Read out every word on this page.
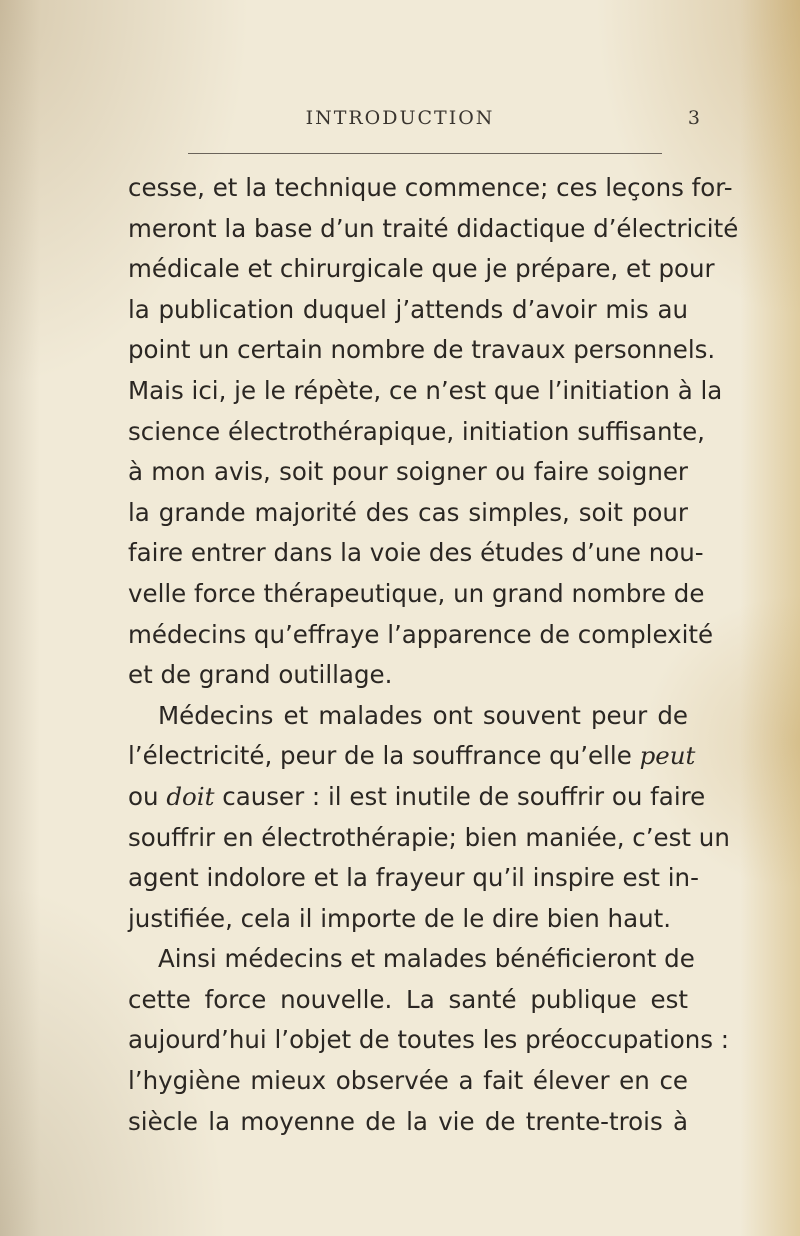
INTRODUCTION	3
cesse, et la technique commence; ces leçons for-
meront la base d’un traité didactique d’électricité
médicale et chirurgicale que je prépare, et pour
la publication duquel j’attends d’avoir mis au
point un certain nombre de travaux personnels.
Mais ici, je le répète, ce n’est que l’initiation à la
science électrothérapique, initiation suffisante,
à mon avis, soit pour soigner ou faire soigner
la grande majorité des cas simples, soit pour
faire entrer dans la voie des études d’une nou-
velle force thérapeutique, un grand nombre de
médecins qu’effraye l’apparence de complexité
et de grand outillage.
Médecins et malades ont souvent peur de
l’électricité, peur de la souffrance qu’elle peut
ou doit causer : il est inutile de souffrir ou faire
souffrir en électrothérapie; bien maniée, c’est un
agent indolore et la frayeur qu’il inspire est in-
justifiée, cela il importe de le dire bien haut.
Ainsi médecins et malades bénéficieront de
cette force nouvelle. La santé publique est
aujourd’hui l’objet de toutes les préoccupations :
l’hygiène mieux observée a fait élever en ce
siècle la moyenne de la vie de trente-trois à
